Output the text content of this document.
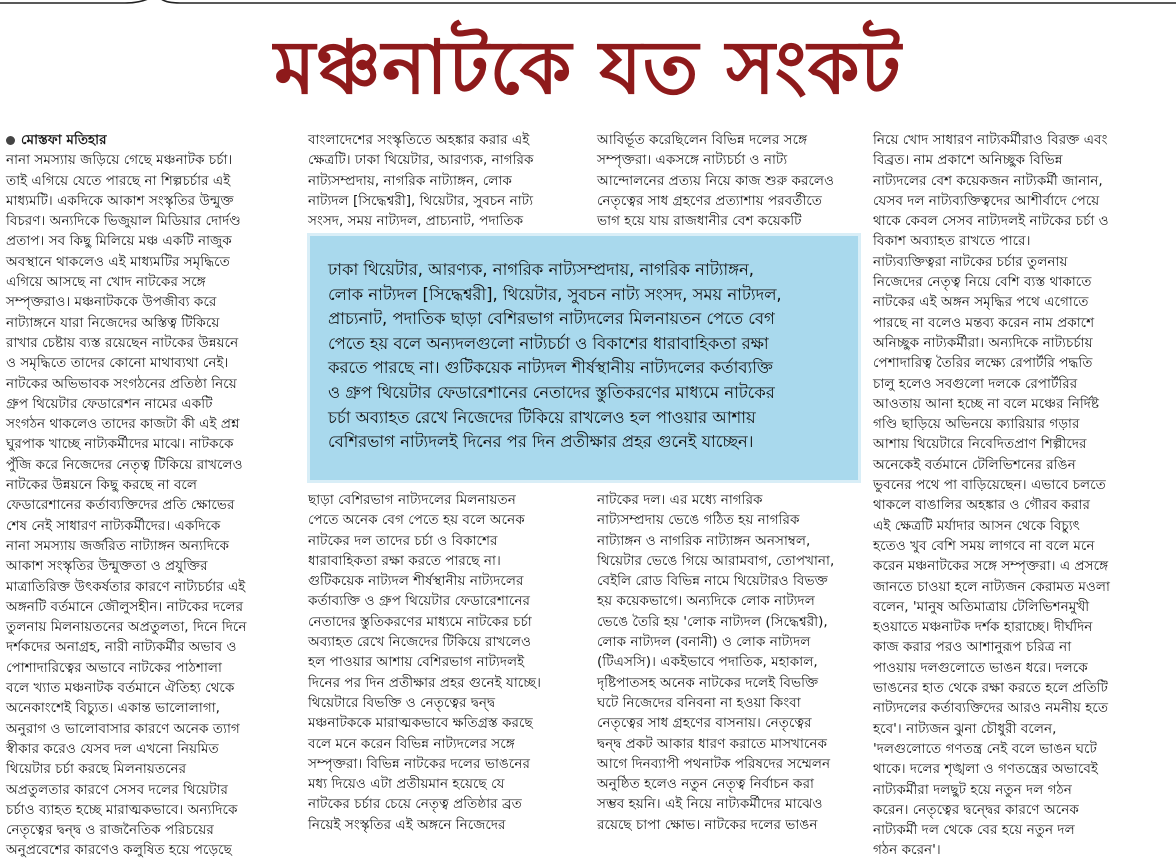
মঞ্চনাটকে যত সংকট

মোস্তফা মতিহার

নানা সমস্যায় জড়িয়ে গেছে মঞ্চনাটক চর্চা।

তাই এগিয়ে যেতে পারছে না শিল্পচর্চার এই

মাধ্যমটি। একদিকে আকাশ সংস্কৃতির উন্মুক্ত

বিচরণ। অন্যদিকে ভিজুয়াল মিডিয়ার দোর্দণ্ড

প্রতাপ। সব কিছু মিলিয়ে মঞ্চ একটি নাজুক

অবস্থানে থাকলেও এই মাধ্যমটির সমৃদ্ধিতে

এগিয়ে আসছে না খোদ নাটকের সঙ্গে

সম্পৃক্তরাও। মঞ্চনাটককে উপজীব্য করে

নাট্যাঙ্গনে যারা নিজেদের অস্তিত্ব টিকিয়ে

রাখার চেষ্টায় ব্যস্ত রয়েছেন নাটকের উন্নয়নে

ও সমৃদ্ধিতে তাদের কোনো মাথাব্যথা নেই।

নাটকের অভিভাবক সংগঠনের প্রতিষ্ঠা নিয়ে

গ্রুপ থিয়েটার ফেডারেশন নামের একটি

সংগঠন থাকলেও তাদের কাজটা কী এই প্রশ্ন

ঘুরপাক খাচ্ছে নাট্যকর্মীদের মাঝে। নাটককে

পুঁজি করে নিজেদের নেতৃত্ব টিকিয়ে রাখলেও

নাটকের উন্নয়নে কিছু করছে না বলে

ফেডারেশানের কর্তাব্যক্তিদের প্রতি ক্ষোভের

শেষ নেই সাধারণ নাট্যকর্মীদের। একদিকে

নানা সমস্যায় জর্জরিত নাট্যাঙ্গন অন্যদিকে

আকাশ সংস্কৃতির উন্মুক্ততা ও প্রযুক্তির

মাত্রাতিরিক্ত উৎকর্ষতার কারণে নাট্যচর্চার এই

অঙ্গনটি বর্তমানে জৌলুসহীন। নাটকের দলের

তুলনায় মিলনায়তনের অপ্রতুলতা, দিনে দিনে

দর্শকদের অনাগ্রহ, নারী নাট্যকর্মীর অভাব ও

পোশাদারিত্বের অভাবে নাটকের পাঠশালা

বলে খ্যাত মঞ্চনাটক বর্তমানে ঐতিহ্য থেকে

অনেকাংশেই বিচ্যুত। একান্ত ভালোলাগা,

অনুরাগ ও ভালোবাসার কারণে অনেক ত্যাগ

স্বীকার করেও যেসব দল এখনো নিয়মিত

থিয়েটার চর্চা করছে মিলনায়তনের

অপ্রতুলতার কারণে সেসব দলের থিয়েটার

চর্চাও ব্যাহত হচ্ছে মারাত্মকভাবে। অন্যদিকে

নেতৃত্বের দ্বন্দ্ব ও রাজনৈতিক পরিচয়ের

অনুপ্রবেশের কারণেও কলুষিত হয়ে পড়েছে

বাংলাদেশের সংস্কৃতিতে অহঙ্কার করার এই

ক্ষেত্রটি। ঢাকা থিয়েটার, আরণ্যক, নাগরিক

নাট্যসম্প্রদায়, নাগরিক নাট্যাঙ্গন, লোক

নাট্যদল [সিদ্ধেশ্বরী], থিয়েটার, সুবচন নাট্য

সংসদ, সময় নাট্যদল, প্রাচ্যনাট, পদাতিক

আবির্ভূত করেছিলেন বিভিন্ন দলের সঙ্গে

সম্পৃক্তরা। একসঙ্গে নাট্যচর্চা ও নাট্য

আন্দোলনের প্রত্যয় নিয়ে কাজ শুরু করলেও

নেতৃত্বের সাধ গ্রহণের প্রত্যাশায় পরবর্তীতে

ভাগ হয়ে যায় রাজধানীর বেশ কয়েকটি

ঢাকা থিয়েটার, আরণ্যক, নাগরিক নাট্যসম্প্রদায়, নাগরিক নাট্যাঙ্গন,

লোক নাট্যদল [সিদ্ধেশ্বরী], থিয়েটার, সুবচন নাট্য সংসদ, সময় নাট্যদল,

প্রাচ্যনাট, পদাতিক ছাড়া বেশিরভাগ নাট্যদলের মিলনায়তন পেতে বেগ

পেতে হয় বলে অন্যদলগুলো নাট্যচর্চা ও বিকাশের ধারাবাহিকতা রক্ষা

করতে পারছে না। গুটিকয়েক নাট্যদল শীর্ষস্থানীয় নাট্যদলের কর্তাব্যক্তি

ও গ্রুপ থিয়েটার ফেডারেশানের নেতাদের স্তুতিকরণের মাধ্যমে নাটকের

চর্চা অব্যাহত রেখে নিজেদের টিকিয়ে রাখলেও হল পাওয়ার আশায়

বেশিরভাগ নাট্যদলই দিনের পর দিন প্রতীক্ষার প্রহর গুনেই যাচ্ছেন।

ছাড়া বেশিরভাগ নাট্যদলের মিলনায়তন

পেতে অনেক বেগ পেতে হয় বলে অনেক

নাটকের দল তাদের চর্চা ও বিকাশের

ধারাবাহিকতা রক্ষা করতে পারছে না।

গুটিকয়েক নাট্যদল শীর্ষস্থানীয় নাট্যদলের

কর্তাব্যক্তি ও গ্রুপ থিয়েটার ফেডারেশানের

নেতাদের স্তুতিকরণের মাধ্যমে নাটকের চর্চা

অব্যাহত রেখে নিজেদের টিকিয়ে রাখলেও

হল পাওয়ার আশায় বেশিরভাগ নাট্যদলই

দিনের পর দিন প্রতীক্ষার প্রহর গুনেই যাচ্ছে।

থিয়েটারে বিভক্তি ও নেতৃত্বের দ্বন্দ্ব

মঞ্চনাটককে মারাত্মকভাবে ক্ষতিগ্রস্ত করছে

বলে মনে করেন বিভিন্ন নাট্যদলের সঙ্গে

সম্পৃক্তরা। বিভিন্ন নাটকের দলের ভাঙনের

মধ্য দিয়েও এটা প্রতীয়মান হয়েছে যে

নাটকের চর্চার চেয়ে নেতৃত্ব প্রতিষ্ঠার ব্রত

নিয়েই সংস্কৃতির এই অঙ্গনে নিজেদের

নাটকের দল। এর মধ্যে নাগরিক

নাট্যসম্প্রদায় ভেঙে গঠিত হয় নাগরিক

নাট্যাঙ্গন ও নাগরিক নাট্যাঙ্গন অনসাম্বল,

থিয়েটার ভেঙে গিয়ে আরামবাগ, তোপখানা,

বেইলি রোড বিভিন্ন নামে থিয়েটারও বিভক্ত

হয় কয়েকভাগে। অন্যদিকে লোক নাট্যদল

ভেঙে তৈরি হয় 'লোক নাট্যদল (সিদ্ধেশ্বরী),

লোক নাট্যদল (বনানী) ও লোক নাট্যদল

(টিএসসি)। একইভাবে পদাতিক, মহাকাল,

দৃষ্টিপাতসহ অনেক নাটকের দলেই বিভক্তি

ঘটে নিজেদের বনিবনা না হওয়া কিংবা

নেতৃত্বের সাধ গ্রহণের বাসনায়। নেতৃত্বের

দ্বন্দ্ব প্রকট আকার ধারণ করাতে মাসখানেক

আগে দিনব্যাপী পথনাটক পরিষদের সম্মেলন

অনুষ্ঠিত হলেও নতুন নেতৃত্ব নির্বাচন করা

সম্ভব হয়নি। এই নিয়ে নাট্যকর্মীদের মাঝেও

রয়েছে চাপা ক্ষোভ। নাটকের দলের ভাঙন

নিয়ে খোদ সাধারণ নাট্যকর্মীরাও বিরক্ত এবং

বিব্রত। নাম প্রকাশে অনিচ্ছুক বিভিন্ন

নাট্যদলের বেশ কয়েকজন নাট্যকর্মী জানান,

যেসব দল নাট্যব্যক্তিত্বদের আশীর্বাদে পেয়ে

থাকে কেবল সেসব নাট্যদলই নাটকের চর্চা ও

বিকাশ অব্যাহত রাখতে পারে।

নাট্যব্যক্তিত্বরা নাটকের চর্চার তুলনায়

নিজেদের নেতৃত্ব নিয়ে বেশি ব্যস্ত থাকাতে

নাটকের এই অঙ্গন সমৃদ্ধির পথে এগোতে

পারছে না বলেও মন্তব্য করেন নাম প্রকাশে

অনিচ্ছুক নাট্যকর্মীরা। অন্যদিকে নাট্যচর্চায়

পেশাদারিত্ব তৈরির লক্ষ্যে রেপার্টরি পদ্ধতি

চালু হলেও সবগুলো দলকে রেপার্টরির

আওতায় আনা হচ্ছে না বলে মঞ্চের নির্দিষ্ট

গণ্ডি ছাড়িয়ে অভিনয়ে ক্যারিয়ার গড়ার

আশায় থিয়েটারে নিবেদিতপ্রাণ শিল্পীদের

অনেকেই বর্তমানে টেলিভিশনের রঙিন

ভুবনের পথে পা বাড়িয়েছেন। এভাবে চলতে

থাকলে বাঙালির অহঙ্কার ও গৌরব করার

এই ক্ষেত্রটি মর্যাদার আসন থেকে বিচ্যুৎ

হতেও খুব বেশি সময় লাগবে না বলে মনে

করেন মঞ্চনাটকের সঙ্গে সম্পৃক্তরা। এ প্রসঙ্গে

জানতে চাওয়া হলে নাট্যজন কেরামত মওলা

বলেন, 'মানুষ অতিমাত্রায় টেলিভিশনমুখী

হওয়াতে মঞ্চনাটক দর্শক হারাচ্ছে। দীর্ঘদিন

কাজ করার পরও আশানুরূপ চরিত্র না

পাওয়ায় দলগুলোতে ভাঙন ধরে। দলকে

ভাঙনের হাত থেকে রক্ষা করতে হলে প্রতিটি

নাট্যদলের কর্তাব্যক্তিদের আরও নমনীয় হতে

হবে'। নাট্যজন ঝুনা চৌধুরী বলেন,

'দলগুলোতে গণতন্ত্র নেই বলে ভাঙন ঘটে

থাকে। দলের শৃঙ্খলা ও গণতন্ত্রের অভাবেই

নাট্যকর্মীরা দলছুট হয়ে নতুন দল গঠন

করেন। নেতৃত্বের দ্বন্দ্বের কারণে অনেক

নাট্যকর্মী দল থেকে বের হয়ে নতুন দল

গঠন করেন'।
